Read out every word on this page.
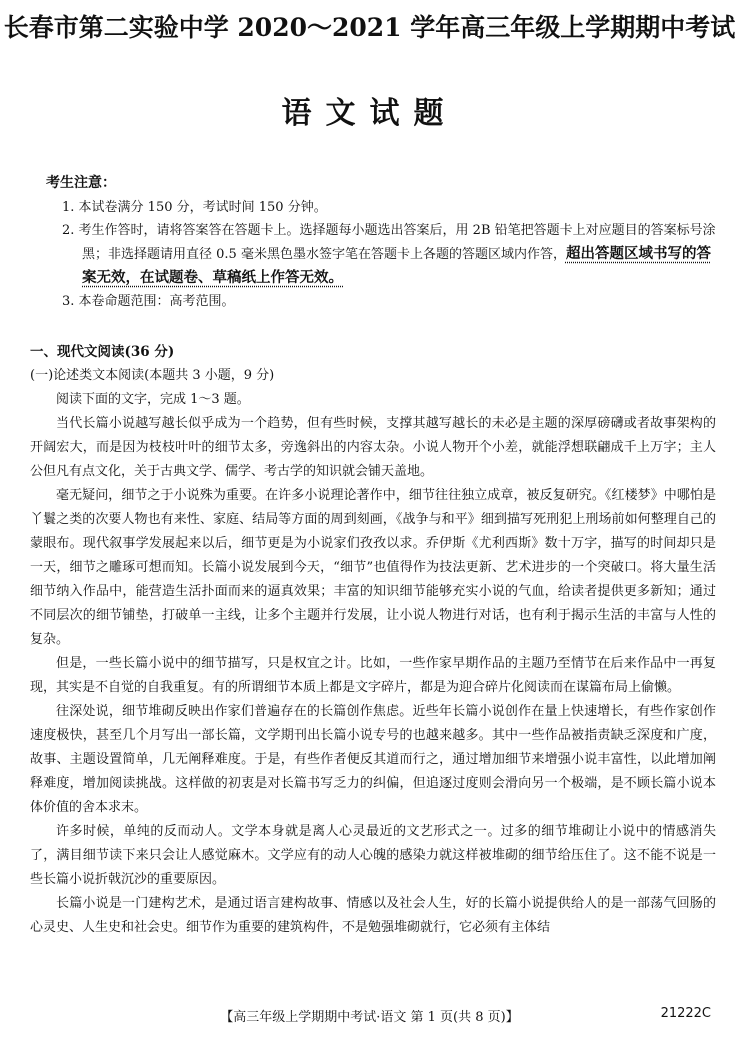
长春市第二实验中学 2020～2021 学年高三年级上学期期中考试
语文试题
考生注意：
1. 本试卷满分 150 分，考试时间 150 分钟。
2. 考生作答时，请将答案答在答题卡上。选择题每小题选出答案后，用 2B 铅笔把答题卡上对应题目的答案标号涂黑；非选择题请用直径 0.5 毫米黑色墨水签字笔在答题卡上各题的答题区域内作答，超出答题区域书写的答案无效，在试题卷、草稿纸上作答无效。
3. 本卷命题范围：高考范围。
一、现代文阅读(36 分)
(一)论述类文本阅读(本题共 3 小题，9 分)
阅读下面的文字，完成 1～3 题。

当代长篇小说越写越长似乎成为一个趋势，但有些时候，支撑其越写越长的未必是主题的深厚磅礴或者故事架构的开阔宏大，而是因为枝枝叶叶的细节太多，旁逸斜出的内容太杂。小说人物开个小差，就能浮想联翩成千上万字；主人公但凡有点文化，关于古典文学、儒学、考古学的知识就会铺天盖地。

毫无疑问，细节之于小说殊为重要。在许多小说理论著作中，细节往往独立成章，被反复研究。《红楼梦》中哪怕是丫鬟之类的次要人物也有来性、家庭、结局等方面的周到刻画，《战争与和平》细到描写死刑犯上刑场前如何整理自己的蒙眼布。现代叙事学发展起来以后，细节更是为小说家们孜孜以求。乔伊斯《尤利西斯》数十万字，描写的时间却只是一天，细节之雕琢可想而知。长篇小说发展到今天，“细节”也值得作为技法更新、艺术进步的一个突破口。将大量生活细节纳入作品中，能营造生活扑面而来的逼真效果；丰富的知识细节能够充实小说的气血，给读者提供更多新知；通过不同层次的细节铺垫，打破单一主线，让多个主题并行发展，让小说人物进行对话，也有利于揭示生活的丰富与人性的复杂。

但是，一些长篇小说中的细节描写，只是权宜之计。比如，一些作家早期作品的主题乃至情节在后来作品中一再复现，其实是不自觉的自我重复。有的所谓细节本质上都是文字碎片，都是为迎合碎片化阅读而在谋篇布局上偷懒。

往深处说，细节堆砌反映出作家们普遍存在的长篇创作焦虑。近些年长篇小说创作在量上快速增长，有些作家创作速度极快，甚至几个月写出一部长篇，文学期刊出长篇小说专号的也越来越多。其中一些作品被指责缺乏深度和广度，故事、主题设置简单，几无阐释难度。于是，有些作者便反其道而行之，通过增加细节来增强小说丰富性，以此增加阐释难度，增加阅读挑战。这样做的初衷是对长篇书写乏力的纠偏，但追逐过度则会滑向另一个极端，是不顾长篇小说本体价值的舍本求末。

许多时候，单纯的反而动人。文学本身就是离人心灵最近的文艺形式之一。过多的细节堆砌让小说中的情感消失了，满目细节读下来只会让人感觉麻木。文学应有的动人心魄的感染力就这样被堆砌的细节给压住了。这不能不说是一些长篇小说折戟沉沙的重要原因。

长篇小说是一门建构艺术，是通过语言建构故事、情感以及社会人生，好的长篇小说提供给人的是一部荡气回肠的心灵史、人生史和社会史。细节作为重要的建筑构件，不是勉强堆砌就行，它必须有主体结

【高三年级上学期期中考试·语文 第 1 页(共 8 页)】	21222C
